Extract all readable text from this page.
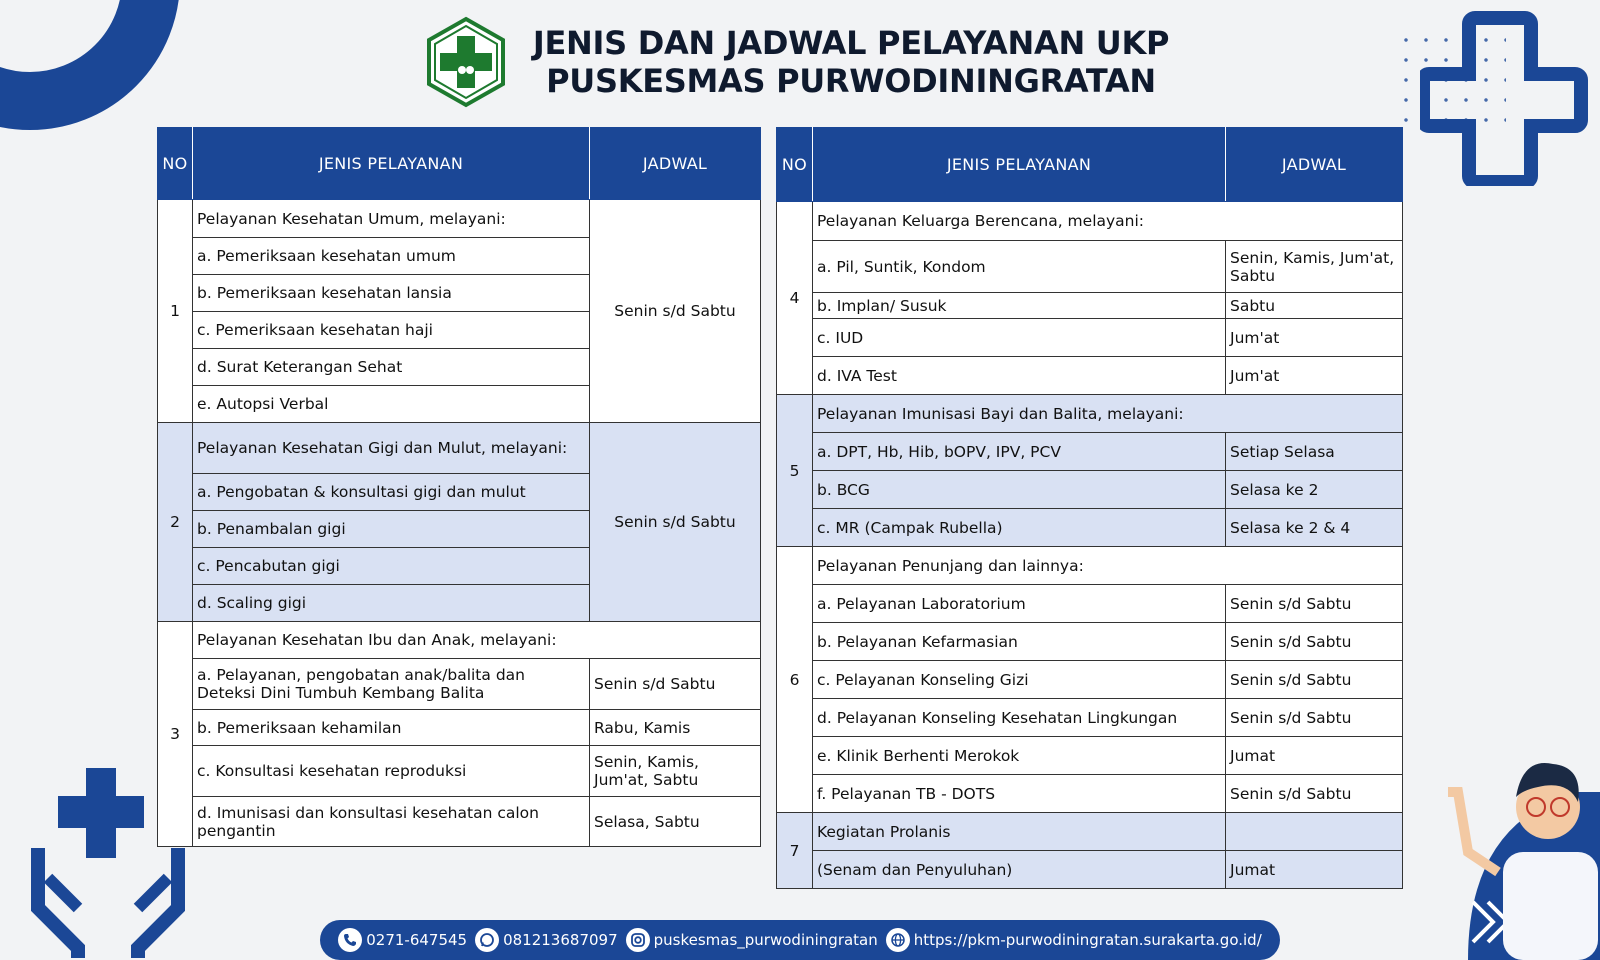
JENIS DAN JADWAL PELAYANAN UKP
PUSKESMAS PURWODININGRATAN
NO	JENIS PELAYANAN	JADWAL
1	Pelayanan Kesehatan Umum, melayani:	Senin s/d Sabtu
	a. Pemeriksaan kesehatan umum	
	b. Pemeriksaan kesehatan lansia	
	c. Pemeriksaan kesehatan haji	
	d. Surat Keterangan Sehat	
	e. Autopsi Verbal	
2	Pelayanan Kesehatan Gigi dan Mulut, melayani:	Senin s/d Sabtu
	a. Pengobatan & konsultasi gigi dan mulut	
	b. Penambalan gigi	
	c. Pencabutan gigi	
	d. Scaling gigi	
3	Pelayanan Kesehatan Ibu dan Anak, melayani:	
	a. Pelayanan, pengobatan anak/balita dan Deteksi Dini Tumbuh Kembang Balita	Senin s/d Sabtu
	b. Pemeriksaan kehamilan	Rabu, Kamis
	c. Konsultasi kesehatan reproduksi	Senin, Kamis, Jum'at, Sabtu
	d. Imunisasi dan konsultasi kesehatan calon pengantin	Selasa, Sabtu
NO	JENIS PELAYANAN	JADWAL
4	Pelayanan Keluarga Berencana, melayani:	
	a. Pil, Suntik, Kondom	Senin, Kamis, Jum'at, Sabtu
	b. Implan/ Susuk	Sabtu
	c. IUD	Jum'at
	d. IVA Test	Jum'at
5	Pelayanan Imunisasi Bayi dan Balita, melayani:	
	a. DPT, Hb, Hib, bOPV, IPV, PCV	Setiap Selasa
	b. BCG	Selasa ke 2
	c. MR (Campak Rubella)	Selasa ke 2 & 4
6	Pelayanan Penunjang dan lainnya:	
	a. Pelayanan Laboratorium	Senin s/d Sabtu
	b. Pelayanan Kefarmasian	Senin s/d Sabtu
	c. Pelayanan Konseling Gizi	Senin s/d Sabtu
	d. Pelayanan Konseling Kesehatan Lingkungan	Senin s/d Sabtu
	e. Klinik Berhenti Merokok	Jumat
	f. Pelayanan TB - DOTS	Senin s/d Sabtu
7	Kegiatan Prolanis	
	(Senam dan Penyuluhan)	Jumat
0271-647545 081213687097 puskesmas_purwodiningratan https://pkm-purwodiningratan.surakarta.go.id/
